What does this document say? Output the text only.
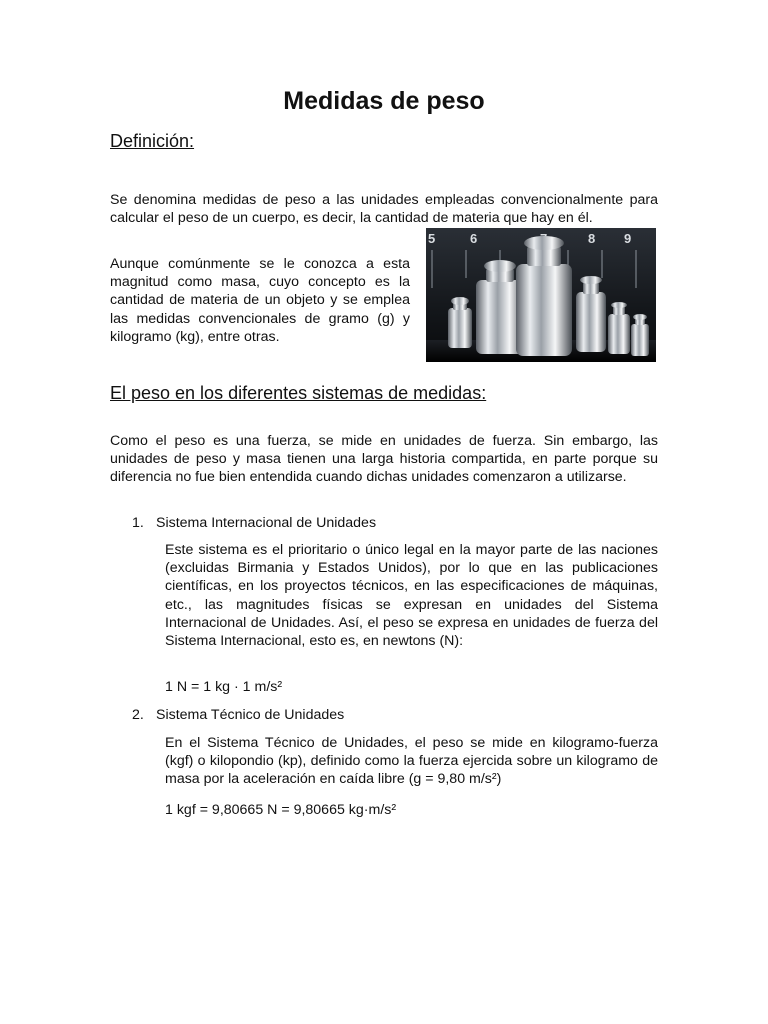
Medidas de peso
Definición:

Se denomina medidas de peso a las unidades empleadas convencionalmente para calcular el peso de un cuerpo, es decir, la cantidad de materia que hay en él.

Aunque comúnmente se le conozca a esta magnitud como masa, cuyo concepto es la cantidad de materia de un objeto y se emplea las medidas convencionales de gramo (g) y kilogramo (kg), entre otras.

5	6	8 9
El peso en los diferentes sistemas de medidas:

Como el peso es una fuerza, se mide en unidades de fuerza. Sin embargo, las unidades de peso y masa tienen una larga historia compartida, en parte porque su diferencia no fue bien entendida cuando dichas unidades comenzaron a utilizarse.

1. Sistema Internacional de Unidades

Este sistema es el prioritario o único legal en la mayor parte de las naciones (excluidas Birmania y Estados Unidos), por lo que en las publicaciones científicas, en los proyectos técnicos, en las especificaciones de máquinas, etc., las magnitudes físicas se expresan en unidades del Sistema Internacional de Unidades. Así, el peso se expresa en unidades de fuerza del Sistema Internacional, esto es, en newtons (N):

1 N = 1 kg · 1 m/s²
2. Sistema Técnico de Unidades

En el Sistema Técnico de Unidades, el peso se mide en kilogramo-fuerza (kgf) o kilopondio (kp), definido como la fuerza ejercida sobre un kilogramo de masa por la aceleración en caída libre (g = 9,80 m/s²)

1 kgf = 9,80665 N = 9,80665 kg·m/s²
